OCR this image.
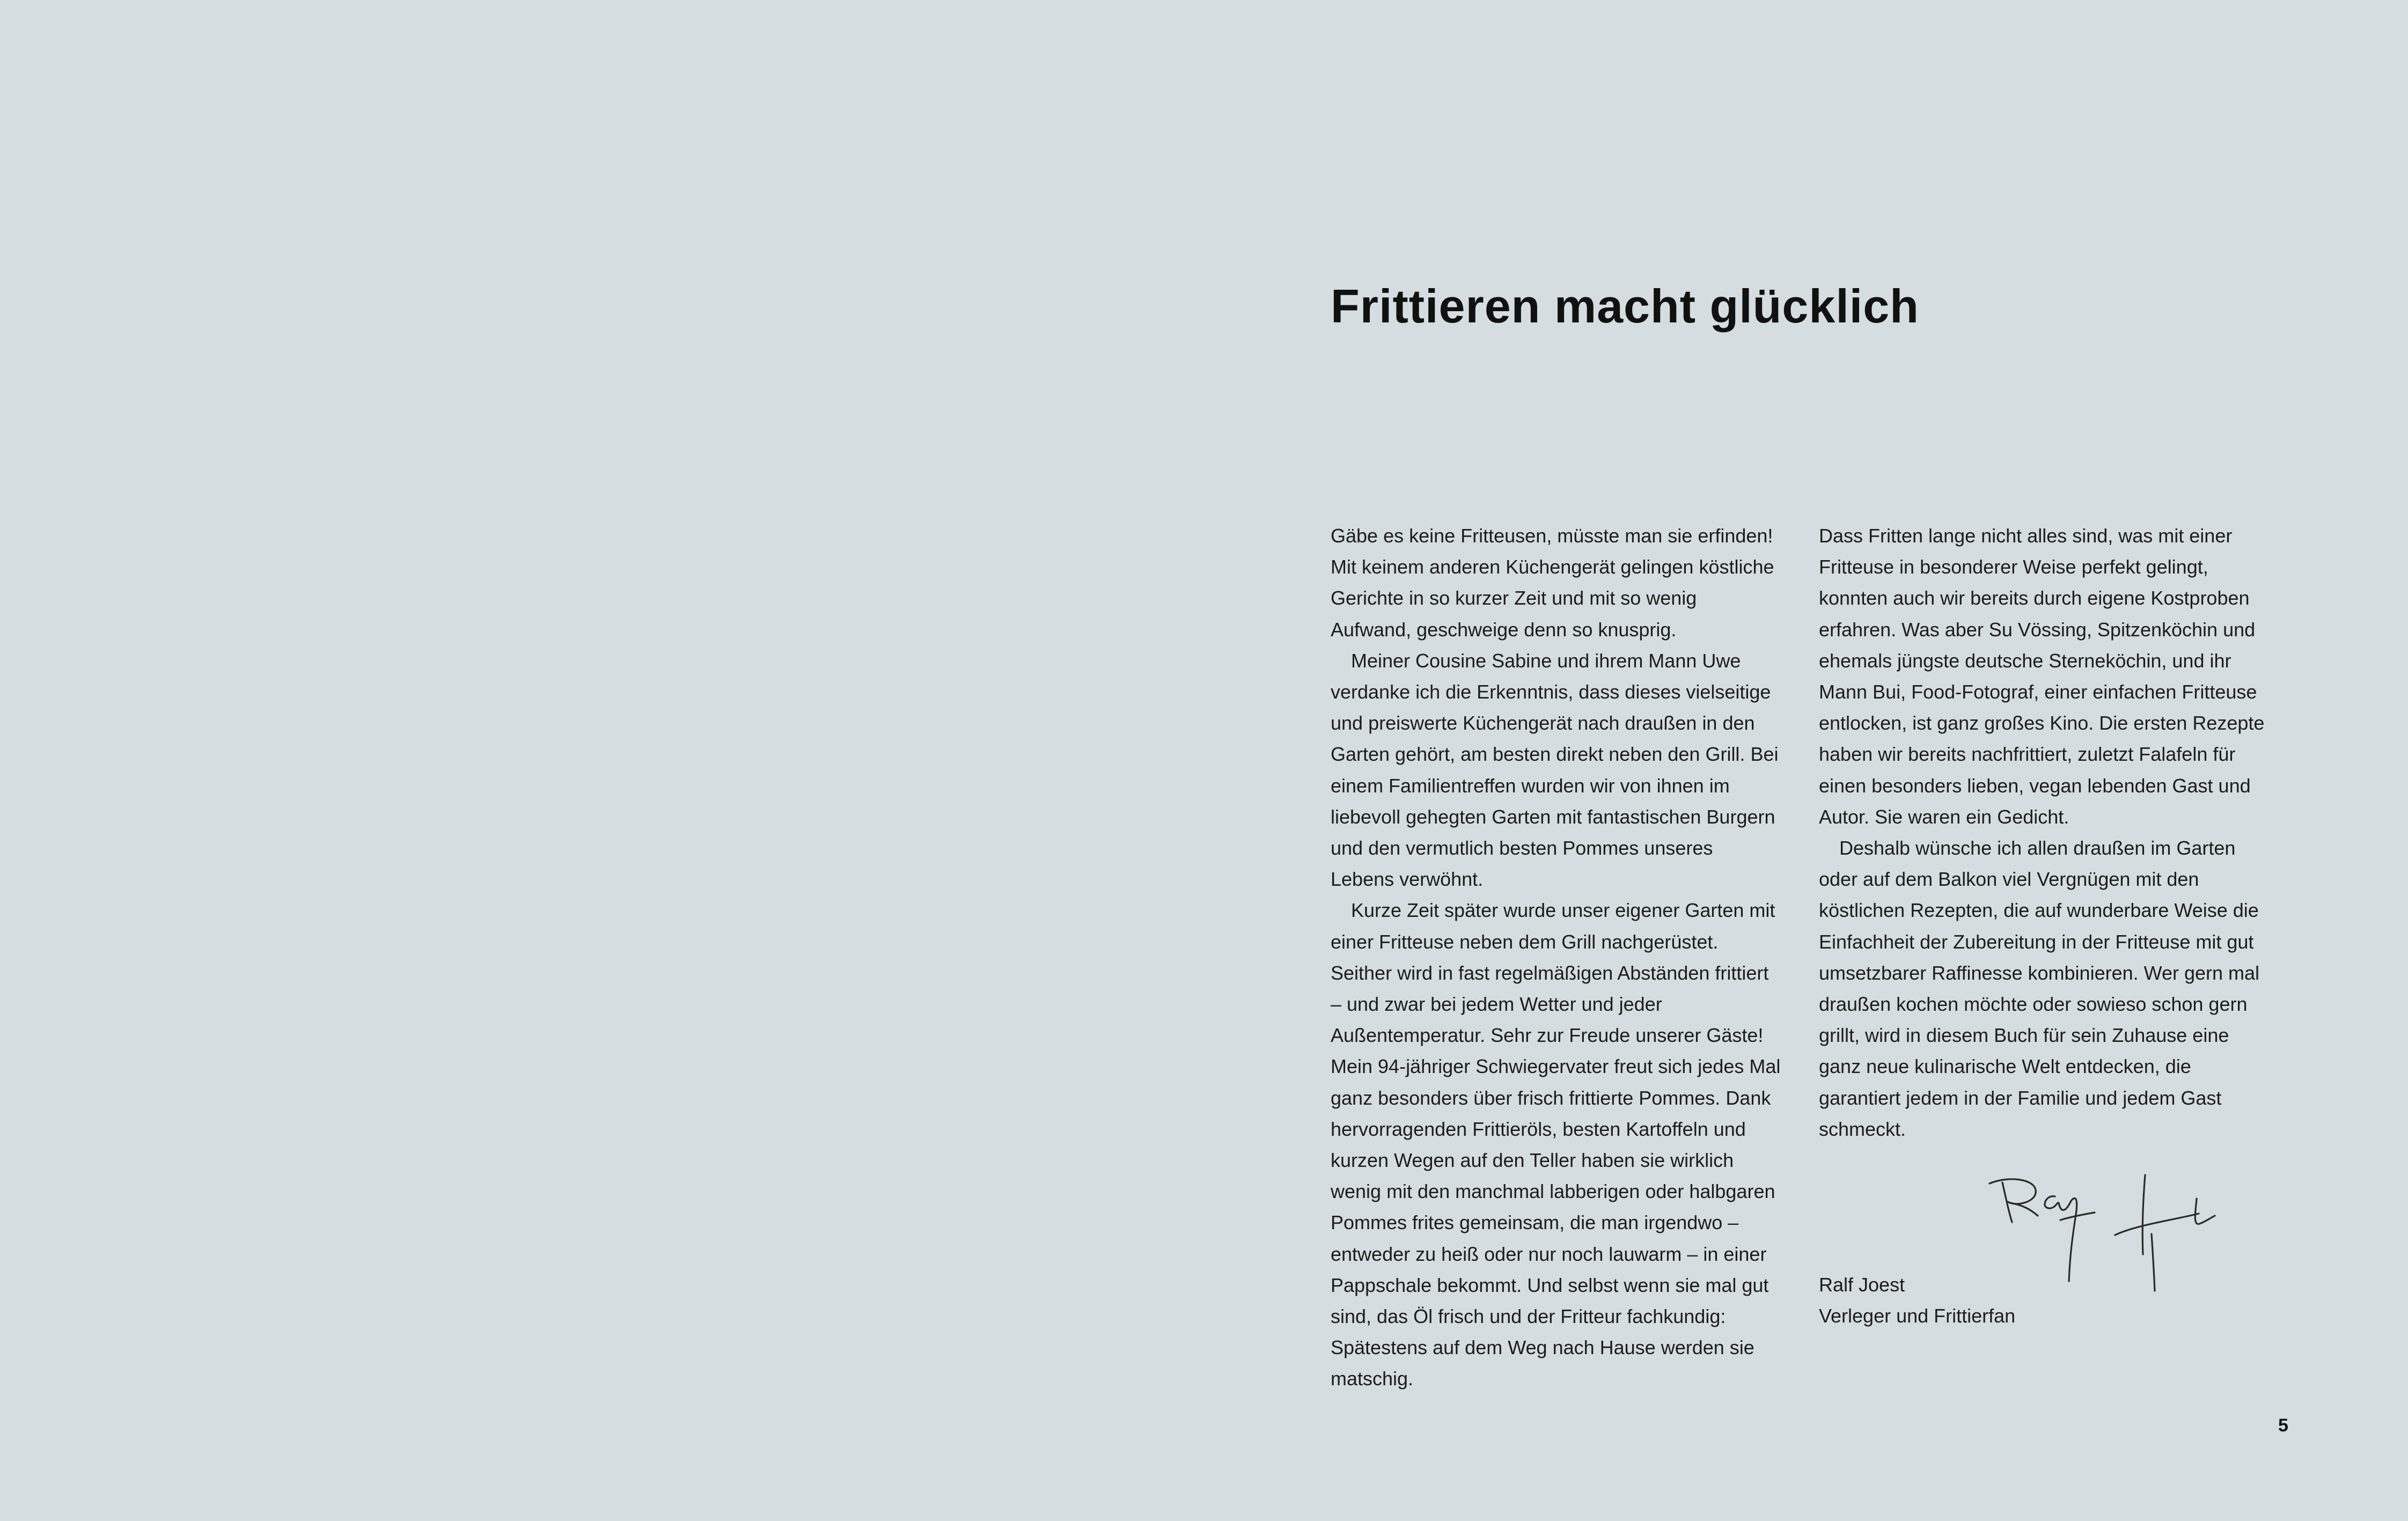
Frittieren macht glücklich

Gäbe es keine Fritteusen, müsste man sie erfinden! Mit keinem anderen Küchengerät gelingen köstliche Gerichte in so kurzer Zeit und mit so wenig Aufwand, geschweige denn so knusprig.

Meiner Cousine Sabine und ihrem Mann Uwe verdanke ich die Erkenntnis, dass dieses vielseitige und preiswerte Küchengerät nach draußen in den Garten gehört, am besten direkt neben den Grill. Bei einem Familientreffen wurden wir von ihnen im liebevoll gehegten Garten mit fantastischen Burgern und den vermutlich besten Pommes unseres Lebens verwöhnt.

Kurze Zeit später wurde unser eigener Garten mit einer Fritteuse neben dem Grill nachgerüstet. Seither wird in fast regelmäßigen Abständen frittiert – und zwar bei jedem Wetter und jeder Außentemperatur. Sehr zur Freude unserer Gäste! Mein 94-jähriger Schwiegervater freut sich jedes Mal ganz besonders über frisch frittierte Pommes. Dank hervorragenden Frittieröls, besten Kartoffeln und kurzen Wegen auf den Teller haben sie wirklich wenig mit den manchmal labberigen oder halbgaren Pommes frites gemeinsam, die man irgendwo – entweder zu heiß oder nur noch lauwarm – in einer Pappschale bekommt. Und selbst wenn sie mal gut sind, das Öl frisch und der Fritteur fachkundig: Spätestens auf dem Weg nach Hause werden sie matschig.

Dass Fritten lange nicht alles sind, was mit einer Fritteuse in besonderer Weise perfekt gelingt, konnten auch wir bereits durch eigene Kostproben erfahren. Was aber Su Vössing, Spitzenköchin und ehemals jüngste deutsche Sterneköchin, und ihr Mann Bui, Food-Fotograf, einer einfachen Fritteuse entlocken, ist ganz großes Kino. Die ersten Rezepte haben wir bereits nachfrittiert, zuletzt Falafeln für einen besonders lieben, vegan lebenden Gast und Autor. Sie waren ein Gedicht.

Deshalb wünsche ich allen draußen im Garten oder auf dem Balkon viel Vergnügen mit den köstlichen Rezepten, die auf wunderbare Weise die Einfachheit der Zubereitung in der Fritteuse mit gut umsetzbarer Raffinesse kombinieren. Wer gern mal draußen kochen möchte oder sowieso schon gern grillt, wird in diesem Buch für sein Zuhause eine ganz neue kulinarische Welt entdecken, die garantiert jedem in der Familie und jedem Gast schmeckt.

Ralf Joest
Verleger und Frittierfan
5
